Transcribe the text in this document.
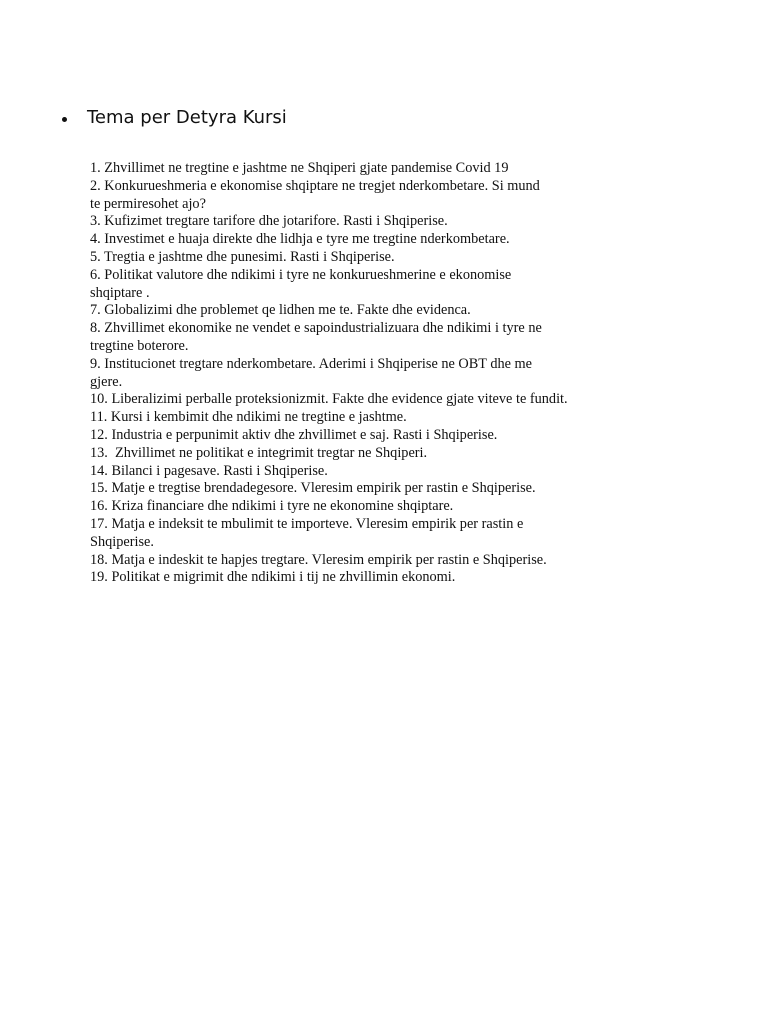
Tema per Detyra Kursi
1. Zhvillimet ne tregtine e jashtme ne Shqiperi gjate pandemise Covid 19
2. Konkurueshmeria e ekonomise shqiptare ne tregjet nderkombetare. Si mund
te permiresohet ajo?
3. Kufizimet tregtare tarifore dhe jotarifore. Rasti i Shqiperise.
4. Investimet e huaja direkte dhe lidhja e tyre me tregtine nderkombetare.
5. Tregtia e jashtme dhe punesimi. Rasti i Shqiperise.
6. Politikat valutore dhe ndikimi i tyre ne konkurueshmerine e ekonomise
shqiptare .
7. Globalizimi dhe problemet qe lidhen me te. Fakte dhe evidenca.
8. Zhvillimet ekonomike ne vendet e sapoindustrializuara dhe ndikimi i tyre ne
tregtine boterore.
9. Institucionet tregtare nderkombetare. Aderimi i Shqiperise ne OBT dhe me
gjere.
10. Liberalizimi perballe proteksionizmit. Fakte dhe evidence gjate viteve te fundit.
11. Kursi i kembimit dhe ndikimi ne tregtine e jashtme.
12. Industria e perpunimit aktiv dhe zhvillimet e saj. Rasti i Shqiperise.
13.  Zhvillimet ne politikat e integrimit tregtar ne Shqiperi.
14. Bilanci i pagesave. Rasti i Shqiperise.
15. Matje e tregtise brendadegesore. Vleresim empirik per rastin e Shqiperise.
16. Kriza financiare dhe ndikimi i tyre ne ekonomine shqiptare.
17. Matja e indeksit te mbulimit te importeve. Vleresim empirik per rastin e
Shqiperise.
18. Matja e indeskit te hapjes tregtare. Vleresim empirik per rastin e Shqiperise.
19. Politikat e migrimit dhe ndikimi i tij ne zhvillimin ekonomi.
